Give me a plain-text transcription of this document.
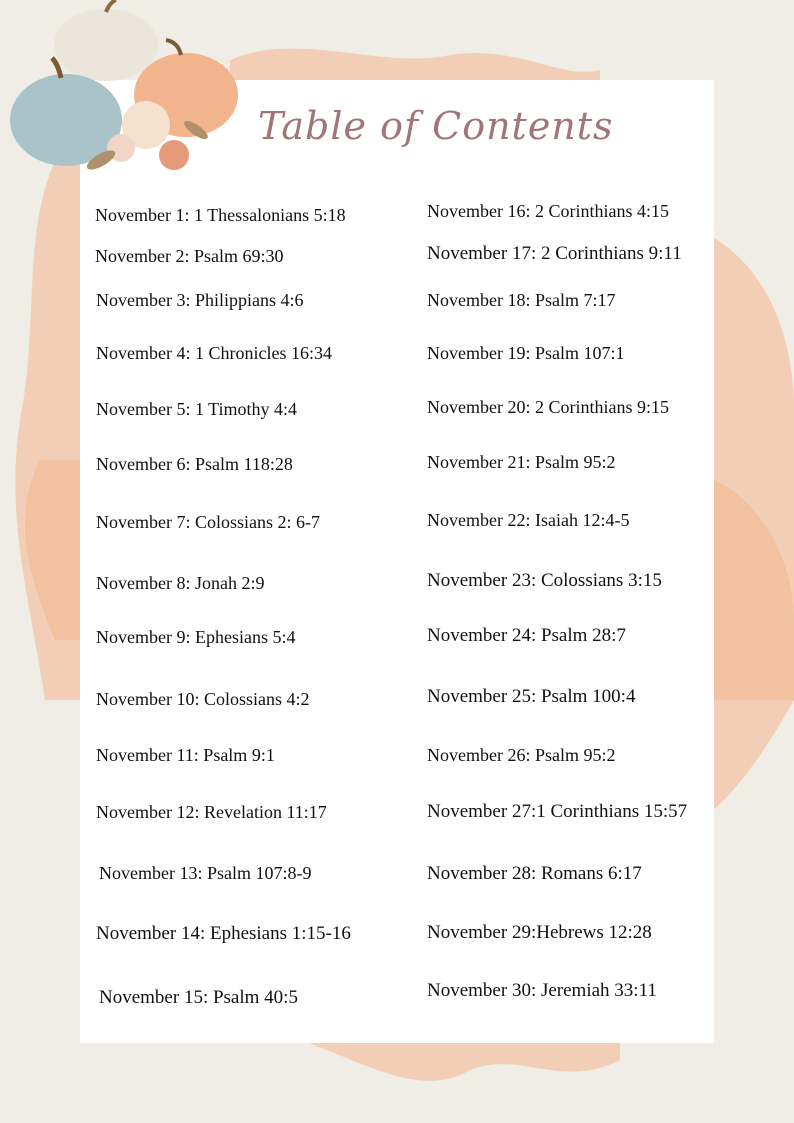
Table of Contents
November 1: 1 Thessalonians 5:18
November 2: Psalm 69:30
November 3: Philippians 4:6
November 4: 1 Chronicles 16:34
November 5: 1 Timothy 4:4
November 6: Psalm 118:28
November 7: Colossians 2: 6-7
November 8: Jonah 2:9
November 9: Ephesians 5:4
November 10: Colossians 4:2
November 11: Psalm 9:1
November 12: Revelation 11:17
November 13: Psalm 107:8-9
November 14: Ephesians 1:15-16
November 15: Psalm 40:5
November 16: 2 Corinthians 4:15
November 17: 2 Corinthians 9:11
November 18: Psalm 7:17
November 19: Psalm 107:1
November 20: 2 Corinthians 9:15
November 21: Psalm 95:2
November 22: Isaiah 12:4-5
November 23: Colossians 3:15
November 24: Psalm 28:7
November 25: Psalm 100:4
November 26: Psalm 95:2
November 27:1 Corinthians 15:57
November 28: Romans 6:17
November 29:Hebrews 12:28
November 30: Jeremiah 33:11
